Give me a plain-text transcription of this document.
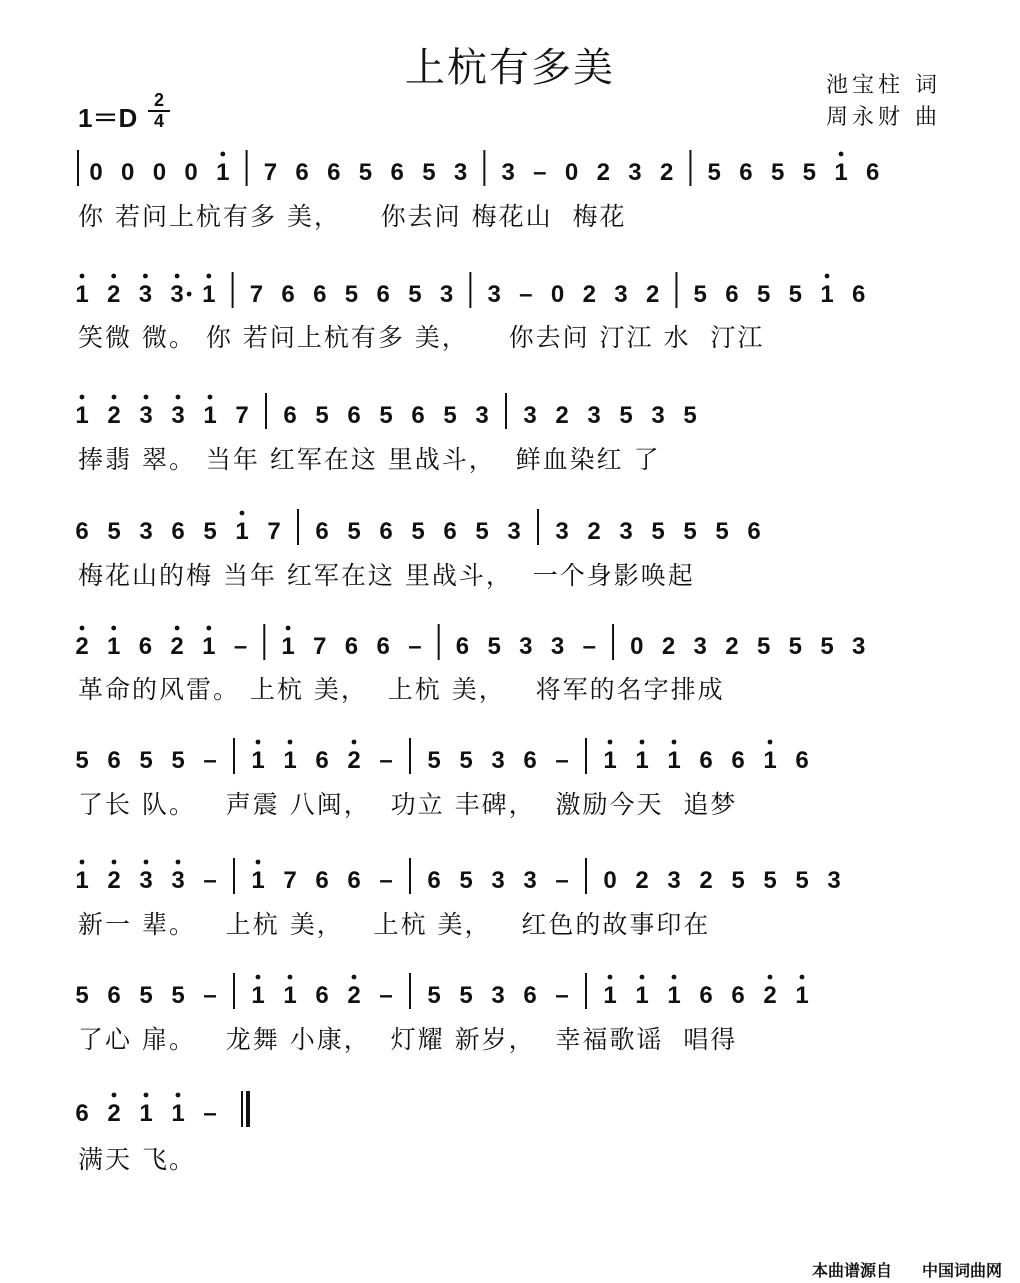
上杭有多美	池宝柱 词
周永财 曲
1＝D
2
4
0 0 0 0 1 7 6 6 5 6 5 3 3 – 0 2 3 2 5 6 5 5 1 6
1 2 3 3 1 7 6 6 5 6 5 3 3 – 0 2 3 2 5 6 5 5 1 6
1 2 3 3 1 7 6 5 6 5 6 5 3 3 2 3 5 3 5
6 5 3 6 5 1 7 6 5 6 5 6 5 3 3 2 3 5 5 5 6
2 1 6 2 1 – 1 7 6 6 – 6 5 3 3 – 0 2 3 2 5 5 5 3
5 6 5 5 – 1 1 6 2 – 5 5 3 6 – 1 1 1 6 6 1 6
1 2 3 3 – 1 7 6 6 – 6 5 3 3 – 0 2 3 2 5 5 5 3
5 6 5 5 – 1 1 6 2 – 5 5 3 6 – 1 1 1 6 6 2 1
6 2 1 1 –
你 若问上杭有多 美，    你去问 梅花山  梅花
笑微 微。 你 若问上杭有多 美，    你去问 汀江 水  汀江
捧翡 翠。 当年 红军在这 里战斗，  鲜血染红 了
梅花山的梅 当年 红军在这 里战斗，  一个身影唤起
革命的风雷。 上杭 美，  上杭 美，   将军的名字排成
了长 队。   声震 八闽，  功立 丰碑，  激励今天  追梦
新一 辈。   上杭 美，   上杭 美，   红色的故事印在
了心 扉。   龙舞 小康，  灯耀 新岁，  幸福歌谣  唱得
满天 飞。
本曲谱源自 中国词曲网
